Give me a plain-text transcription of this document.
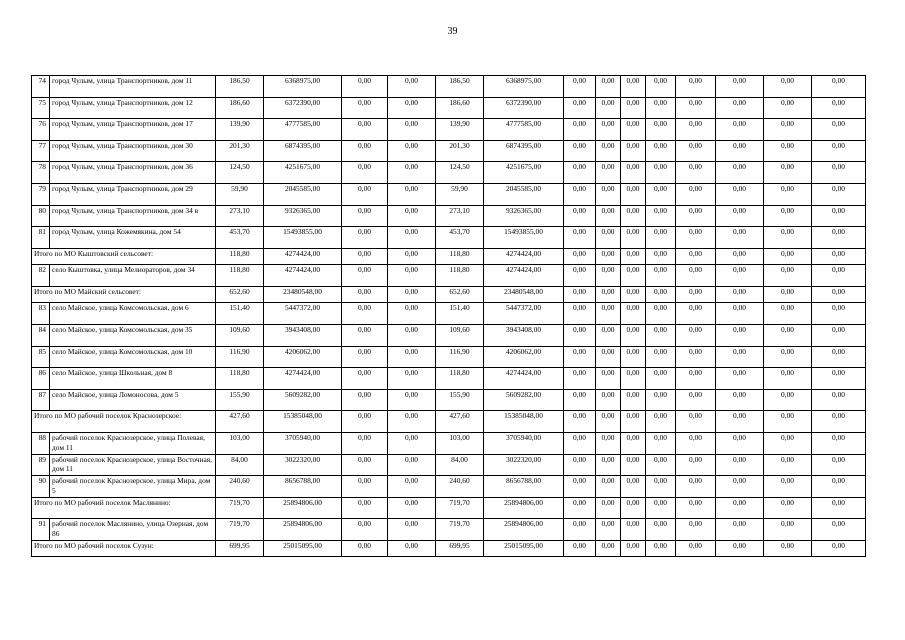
39
74	город Чулым, улица Транспортников, дом 11	186,50	6368975,00	0,00	0,00	186,50	6368975,00	0,00	0,00	0,00	0,00	0,00	0,00	0,00	0,00
75	город Чулым, улица Транспортников, дом 12	186,60	6372390,00	0,00	0,00	186,60	6372390,00	0,00	0,00	0,00	0,00	0,00	0,00	0,00	0,00
76	город Чулым, улица Транспортников, дом 17	139,90	4777585,00	0,00	0,00	139,90	4777585,00	0,00	0,00	0,00	0,00	0,00	0,00	0,00	0,00
77	город Чулым, улица Транспортников, дом 30	201,30	6874395,00	0,00	0,00	201,30	6874395,00	0,00	0,00	0,00	0,00	0,00	0,00	0,00	0,00
78	город Чулым, улица Транспортников, дом 36	124,50	4251675,00	0,00	0,00	124,50	4251675,00	0,00	0,00	0,00	0,00	0,00	0,00	0,00	0,00
79	город Чулым, улица Транспортников, дом 29	59,90	2045585,00	0,00	0,00	59,90	2045585,00	0,00	0,00	0,00	0,00	0,00	0,00	0,00	0,00
80	город Чулым, улица Транспортников, дом 34 в	273,10	9326365,00	0,00	0,00	273,10	9326365,00	0,00	0,00	0,00	0,00	0,00	0,00	0,00	0,00
81	город Чулым, улица Кожемякина, дом 54	453,70	15493855,00	0,00	0,00	453,70	15493855,00	0,00	0,00	0,00	0,00	0,00	0,00	0,00	0,00
Итого по МО Кыштовский сельсовет:		118,80	4274424,00	0,00	0,00	118,80	4274424,00	0,00	0,00	0,00	0,00	0,00	0,00	0,00	0,00
82	село Кыштовка, улица Мелиораторов, дом 34	118,80	4274424,00	0,00	0,00	118,80	4274424,00	0,00	0,00	0,00	0,00	0,00	0,00	0,00	0,00
Итого по МО Майский сельсовет:		652,60	23480548,00	0,00	0,00	652,60	23480548,00	0,00	0,00	0,00	0,00	0,00	0,00	0,00	0,00
83	село Майское, улица Комсомольская, дом 6	151,40	5447372,00	0,00	0,00	151,40	5447372,00	0,00	0,00	0,00	0,00	0,00	0,00	0,00	0,00
84	село Майское, улица Комсомольская, дом 35	109,60	3943408,00	0,00	0,00	109,60	3943408,00	0,00	0,00	0,00	0,00	0,00	0,00	0,00	0,00
85	село Майское, улица Комсомольская, дом 10	116,90	4206062,00	0,00	0,00	116,90	4206062,00	0,00	0,00	0,00	0,00	0,00	0,00	0,00	0,00
86	село Майское, улица Школьная, дом 8	118,80	4274424,00	0,00	0,00	118,80	4274424,00	0,00	0,00	0,00	0,00	0,00	0,00	0,00	0,00
87	село Майское, улица Ломоносова, дом 5	155,90	5609282,00	0,00	0,00	155,90	5609282,00	0,00	0,00	0,00	0,00	0,00	0,00	0,00	0,00
Итого по МО рабочий поселок Краснозерское:		427,60	15385048,00	0,00	0,00	427,60	15385048,00	0,00	0,00	0,00	0,00	0,00	0,00	0,00	0,00
88	рабочий поселок Краснозерское, улица Полевая, дом 11	103,00	3705940,00	0,00	0,00	103,00	3705940,00	0,00	0,00	0,00	0,00	0,00	0,00	0,00	0,00
89	рабочий поселок Краснозерское, улица Восточная, дом 11	84,00	3022320,00	0,00	0,00	84,00	3022320,00	0,00	0,00	0,00	0,00	0,00	0,00	0,00	0,00
90	рабочий поселок Краснозерское, улица Мира, дом 5	240,60	8656788,00	0,00	0,00	240,60	8656788,00	0,00	0,00	0,00	0,00	0,00	0,00	0,00	0,00
Итого по МО рабочий поселок Маслянино:		719,70	25894806,00	0,00	0,00	719,70	25894806,00	0,00	0,00	0,00	0,00	0,00	0,00	0,00	0,00
91	рабочий поселок Маслянино, улица Озерная, дом 86	719,70	25894806,00	0,00	0,00	719,70	25894806,00	0,00	0,00	0,00	0,00	0,00	0,00	0,00	0,00
Итого по МО рабочий поселок Сузун:		699,95	25015095,00	0,00	0,00	699,95	25015095,00	0,00	0,00	0,00	0,00	0,00	0,00	0,00	0,00
